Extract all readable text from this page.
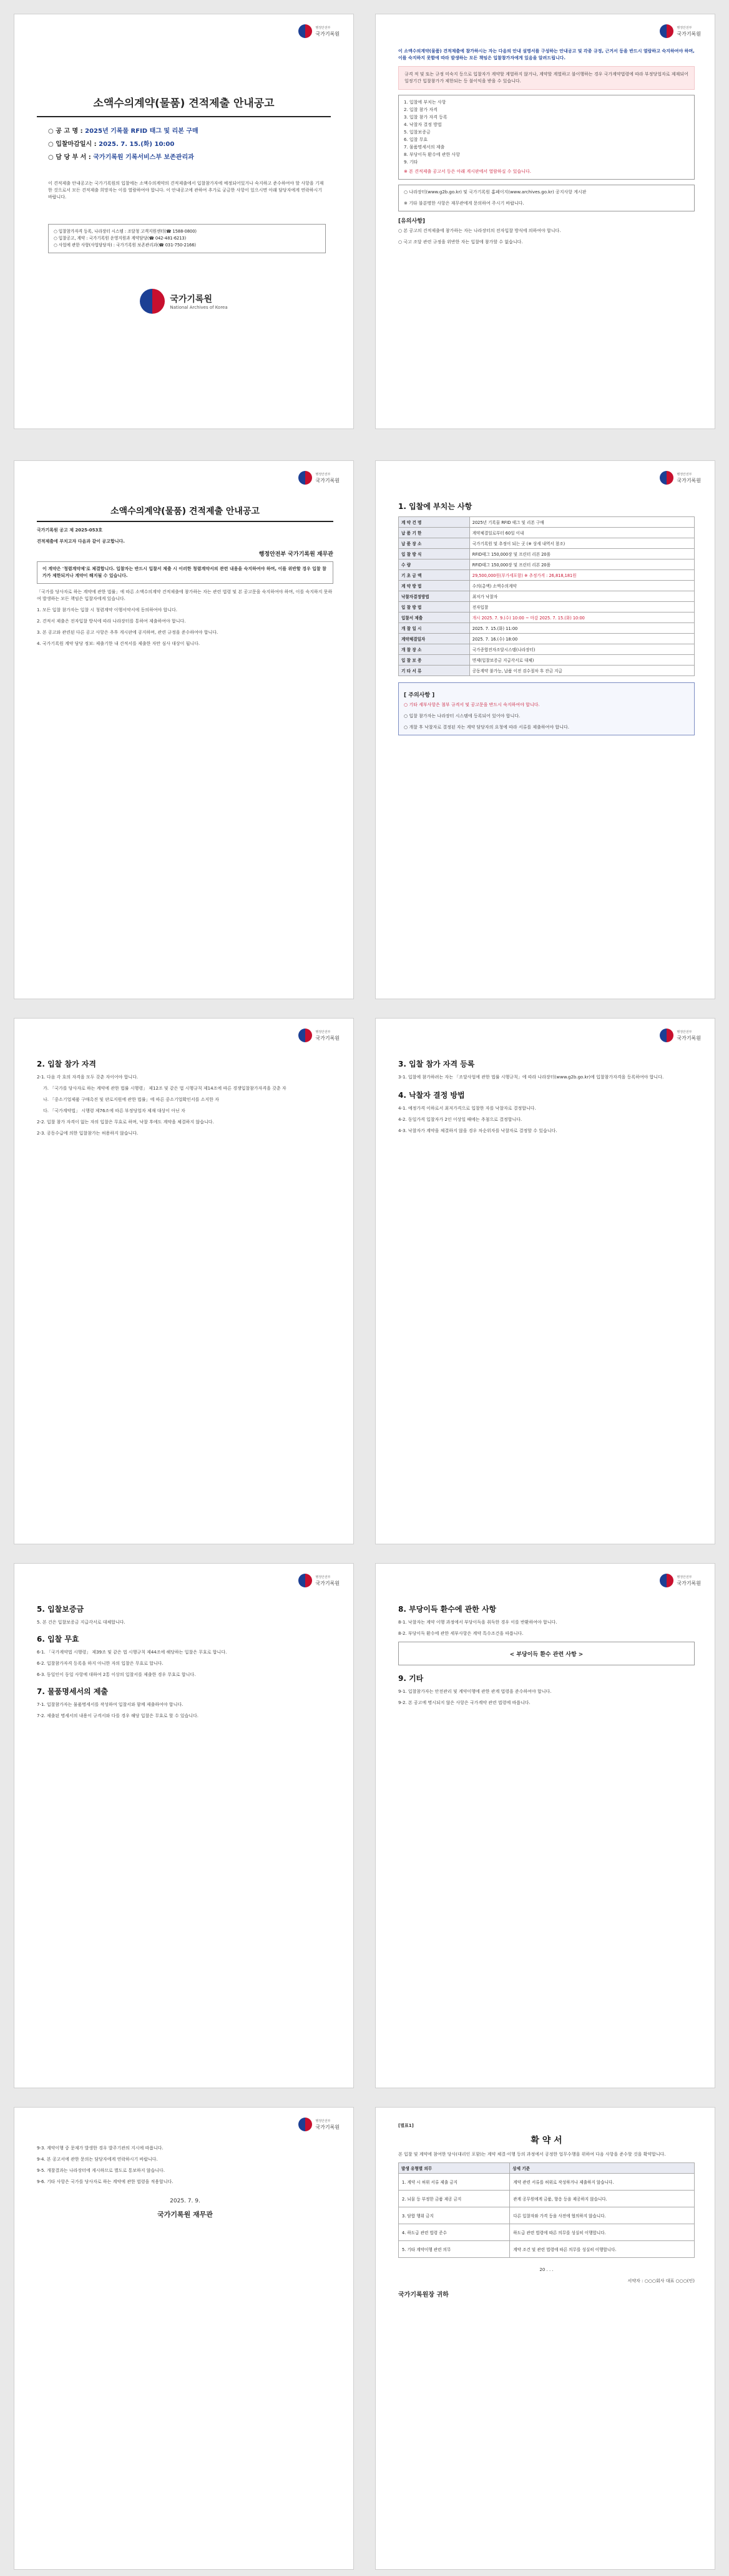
행정안전부
국가기록원
소액수의계약(물품) 견적제출 안내공고
○ 공 고 명 : 2025년 기록물 RFID 태그 및 리본 구매
○ 입찰마감일시 : 2025. 7. 15.(화) 10:00
○ 담 당 부 서 : 국가기록원 기록서비스부 보존관리과
이 견적제출 안내공고는 국가기록원의 입찰에는 소액수의계약의 견적제출에서 입찰참가자에 예정되어있거나 숙지하고 준수하여야 할 사항을 기재한 것으로서 모든 견적제출 희망자는 이를 열람하여야 합니다. 이 안내공고에 관하여 추가로 궁금한 사항이 있으시면 아래 담당자에게 연락하시기 바랍니다.
○ 입찰참가자격 등록, 나라장터 시스템 : 조달청 고객지원센터(☎ 1588-0800)
○ 입찰공고, 계약 : 국가기록원 운영지원과 계약담당(☎ 042-481-6213)
○ 사업에 관한 사항(사업담당자) : 국가기록원 보존관리과(☎ 031-750-2166)
국가기록원
National Archives of Korea
행정안전부
국가기록원
이 소액수의계약(물품) 견적제출에 참가하시는 자는 다음의 안내 설명서를 구성하는 안내공고 및 각종 규정, 근거서 등을 반드시 열람하고 숙지하여야 하며, 이를 숙지하지 못함에 따라 발생하는 모든 책임은 입찰참가자에게 있음을 알려드립니다.
규격 적 및 또는 규정 미숙지 등으로 입찰자가 계약할 계열하지 않거나, 계약할 계열하고 불이행하는 경우 국가계약법령에 따라 부정당업자로 제재되어 일정기간 입찰참가가 제한되는 등 불이익을 받을 수 있습니다.
1. 입찰에 부치는 사항
2. 입찰 참가 자격
3. 입찰 참가 자격 등록
4. 낙찰자 결정 방법
5. 입찰보증금
6. 입찰 무효
7. 물품명세서의 제출
8. 부당이득 환수에 관한 사항
9. 기타
※ 본 견적제출 공고서 등은 아래 게시판에서 열람하실 수 있습니다.
○ 나라장터(www.g2b.go.kr) 및 국가기록원 홈페이지(www.archives.go.kr) 공지사항 게시판
※ 기타 불분명한 사항은 재무관에게 문의하여 주시기 바랍니다.
[유의사항]
○ 본 공고의 견적제출에 참가하는 자는 나라장터의 전자입찰 방식에 의하여야 합니다.
○ 국고 조달 관련 규정을 위반한 자는 입찰에 참가할 수 없습니다.
행정안전부
국가기록원
소액수의계약(물품) 견적제출 안내공고
국가기록원 공고 제 2025-053호
견적제출에 부치고자 다음과 같이 공고합니다.
행정안전부 국가기록원 재무관
이 계약은 '청렴계약제'로 체결합니다. 입찰자는 반드시 입찰서 제출 시 이러한 청렴계약서의 관련 내용을 숙지하여야 하며, 이를 위반할 경우 입찰 참가가 제한되거나 계약이 해지될 수 있습니다.
「국가를 당사자로 하는 계약에 관한 법률」에 따른 소액수의계약 견적제출에 참가하는 자는 관련 법령 및 본 공고문을 숙지하여야 하며, 이를 숙지하지 못하여 발생하는 모든 책임은 입찰자에게 있습니다.
1. 모든 입찰 참가자는 입찰 시 청렴계약 이행서약서에 동의하여야 합니다.
2. 견적서 제출은 전자입찰 방식에 따라 나라장터를 통하여 제출하여야 합니다.
3. 본 공고와 관련된 다른 공고 사항은 추후 게시판에 공지하며, 관련 규정을 준수하여야 합니다.
4. 국가기록원 계약 담당 정보: 제출기한 내 견적서를 제출한 자만 심사 대상이 됩니다.
행정안전부
국가기록원
1. 입찰에 부치는 사항
계 약 건 명	2025년 기록물 RFID 태그 및 리본 구매
납 품 기 한	계약체결일로부터 60일 이내
납 품 장 소	국가기록원 및 추정이 되는 곳 (※ 상세 내역서 참조)
입 찰 방 식	RFID태그 150,000장 및 프린터 리본 20롤
수 량	RFID태그 150,000장 및 프린터 리본 20롤
기 초 금 액	29,500,000원(부가세포함) ※ 추정가격 : 26,818,181원
계 약 방 법	수의(총액) 소액수의계약
낙찰자결정방법	최저가 낙찰자
입 찰 방 법	전자입찰
입찰서 제출	개시 2025. 7. 9.(수) 10:00 ~ 마감 2025. 7. 15.(화) 10:00
개 찰 일 시	2025. 7. 15.(화) 11:00
계약체결일자	2025. 7. 16.(수) 18:00
개 찰 장 소	국가종합전자조달시스템(나라장터)
입 찰 보 증	면제(입찰보증금 지급각서로 대체)
기 타 서 류	공동계약 불가능, 납품 이전 검수절차 후 잔금 지급
[ 주의사항 ]
○ 기타 세부사항은 첨부 규격서 및 공고문을 반드시 숙지하여야 합니다.
○ 입찰 참가자는 나라장터 시스템에 등록되어 있어야 합니다.
○ 개찰 후 낙찰자로 결정된 자는 계약 담당자의 요청에 따라 서류를 제출하여야 합니다.
행정안전부
국가기록원
2. 입찰 참가 자격
2-1. 다음 각 호의 자격을 모두 갖춘 자이어야 합니다.
가. 「국가를 당사자로 하는 계약에 관한 법률 시행령」 제12조 및 같은 법 시행규칙 제14조에 따른 경쟁입찰참가자격을 갖춘 자
나. 「중소기업제품 구매촉진 및 판로지원에 관한 법률」에 따른 중소기업확인서를 소지한 자
다. 「국가계약법」 시행령 제76조에 따른 부정당업자 제재 대상이 아닌 자
2-2. 입찰 참가 자격이 없는 자의 입찰은 무효로 하며, 낙찰 후에도 계약을 체결하지 않습니다.
2-3. 공동수급에 의한 입찰참가는 허용하지 않습니다.
행정안전부
국가기록원
3. 입찰 참가 자격 등록
3-1. 입찰에 참가하려는 자는 「조달사업에 관한 법률 시행규칙」에 따라 나라장터(www.g2b.go.kr)에 입찰참가자격을 등록하여야 합니다.
4. 낙찰자 결정 방법
4-1. 예정가격 이하로서 최저가격으로 입찰한 자를 낙찰자로 결정합니다.
4-2. 동일가격 입찰자가 2인 이상일 때에는 추첨으로 결정합니다.
4-3. 낙찰자가 계약을 체결하지 않을 경우 차순위자를 낙찰자로 결정할 수 있습니다.
행정안전부
국가기록원
5. 입찰보증금
5. 본 건은 입찰보증금 지급각서로 대체합니다.
6. 입찰 무효
6-1. 「국가계약법 시행령」 제39조 및 같은 법 시행규칙 제44조에 해당하는 입찰은 무효로 합니다.
6-2. 입찰참가자격 등록을 하지 아니한 자의 입찰은 무효로 합니다.
6-3. 동일인이 동일 사항에 대하여 2통 이상의 입찰서를 제출한 경우 무효로 합니다.
7. 물품명세서의 제출
7-1. 입찰참가자는 물품명세서를 작성하여 입찰서와 함께 제출하여야 합니다.
7-2. 제출된 명세서의 내용이 규격서와 다를 경우 해당 입찰은 무효로 할 수 있습니다.
행정안전부
국가기록원
8. 부당이득 환수에 관한 사항
8-1. 낙찰자는 계약 이행 과정에서 부당이득을 취득한 경우 이를 반환하여야 합니다.
8-2. 부당이득 환수에 관한 세부사항은 계약 특수조건을 따릅니다.
< 부당이득 환수 관련 사항 >
9. 기타
9-1. 입찰참가자는 안전관리 및 계약이행에 관한 관계 법령을 준수하여야 합니다.
9-2. 본 공고에 명시되지 않은 사항은 국가계약 관련 법령에 따릅니다.
행정안전부
국가기록원
9-3. 계약이행 중 문제가 발생한 경우 발주기관의 지시에 따릅니다.
9-4. 본 공고서에 관한 문의는 담당자에게 연락하시기 바랍니다.
9-5. 개찰결과는 나라장터에 게시하므로 별도로 통보하지 않습니다.
9-6. 기타 사항은 국가를 당사자로 하는 계약에 관한 법령을 적용합니다.
2025. 7. 9.
국가기록원 재무관
[별표1]
확 약 서
본 입찰 및 계약에 참여한 당사(대리인 포함)는 계약 체결·이행 등의 과정에서 공정한 업무수행을 위하여 다음 사항을 준수할 것을 확약합니다.
발생 유형별 의무	상세 기준
1. 계약 시 허위 서류 제출 금지	계약 관련 서류를 허위로 작성하거나 제출하지 않습니다.
2. 뇌물 등 부정한 금품 제공 금지	관계 공무원에게 금품, 향응 등을 제공하지 않습니다.
3. 담합 행위 금지	다른 입찰자와 가격 등을 사전에 협의하지 않습니다.
4. 하도급 관련 법령 준수	하도급 관련 법령에 따른 의무를 성실히 이행합니다.
5. 기타 계약이행 관련 의무	계약 조건 및 관련 법령에 따른 의무를 성실히 이행합니다.
20 . . .
서약자 : ○○○회사 대표 ○○○(인)
국가기록원장 귀하
